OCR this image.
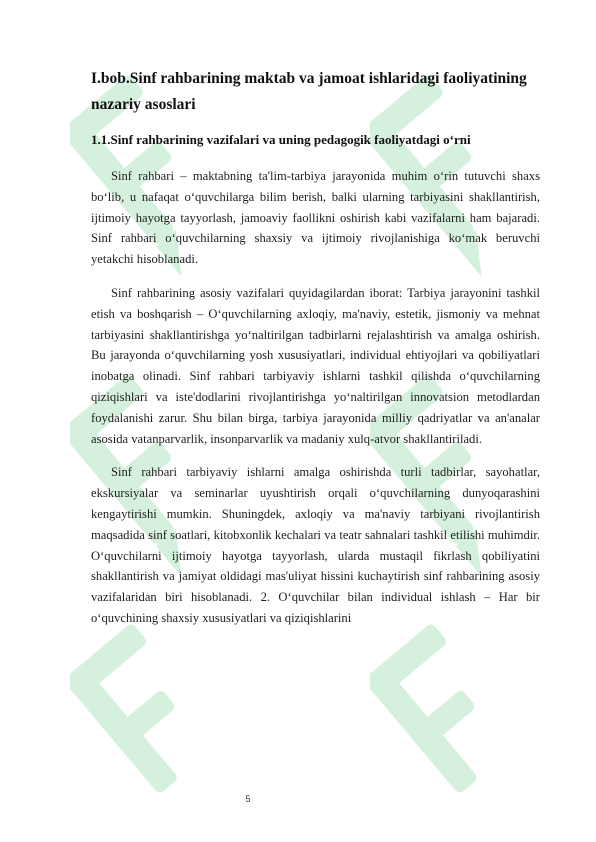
I.bob.Sinf rahbarining maktab va jamoat ishlaridagi faoliyatining nazariy asoslari
1.1.Sinf rahbarining vazifalari va uning pedagogik faoliyatdagi o‘rni

Sinf rahbari – maktabning ta'lim-tarbiya jarayonida muhim o‘rin tutuvchi shaxs bo‘lib, u nafaqat o‘quvchilarga bilim berish, balki ularning tarbiyasini shakllantirish, ijtimoiy hayotga tayyorlash, jamoaviy faollikni oshirish kabi vazifalarni ham bajaradi. Sinf rahbari o‘quvchilarning shaxsiy va ijtimoiy rivojlanishiga ko‘mak beruvchi yetakchi hisoblanadi.

Sinf rahbarining asosiy vazifalari quyidagilardan iborat: Tarbiya jarayonini tashkil etish va boshqarish – O‘quvchilarning axloqiy, ma'naviy, estetik, jismoniy va mehnat tarbiyasini shakllantirishga yo‘naltirilgan tadbirlarni rejalashtirish va amalga oshirish. Bu jarayonda o‘quvchilarning yosh xususiyatlari, individual ehtiyojlari va qobiliyatlari inobatga olinadi. Sinf rahbari tarbiyaviy ishlarni tashkil qilishda o‘quvchilarning qiziqishlari va iste'dodlarini rivojlantirishga yo‘naltirilgan innovatsion metodlardan foydalanishi zarur. Shu bilan birga, tarbiya jarayonida milliy qadriyatlar va an'analar asosida vatanparvarlik, insonparvarlik va madaniy xulq-atvor shakllantiriladi.

Sinf rahbari tarbiyaviy ishlarni amalga oshirishda turli tadbirlar, sayohatlar, ekskursiyalar va seminarlar uyushtirish orqali o‘quvchilarning dunyoqarashini kengaytirishi mumkin. Shuningdek, axloqiy va ma'naviy tarbiyani rivojlantirish maqsadida sinf soatlari, kitobxonlik kechalari va teatr sahnalari tashkil etilishi muhimdir. O‘quvchilarni ijtimoiy hayotga tayyorlash, ularda mustaqil fikrlash qobiliyatini shakllantirish va jamiyat oldidagi mas'uliyat hissini kuchaytirish sinf rahbarining asosiy vazifalaridan biri hisoblanadi. 2. O‘quvchilar bilan individual ishlash – Har bir o‘quvchining shaxsiy xususiyatlari va qiziqishlarini

5
